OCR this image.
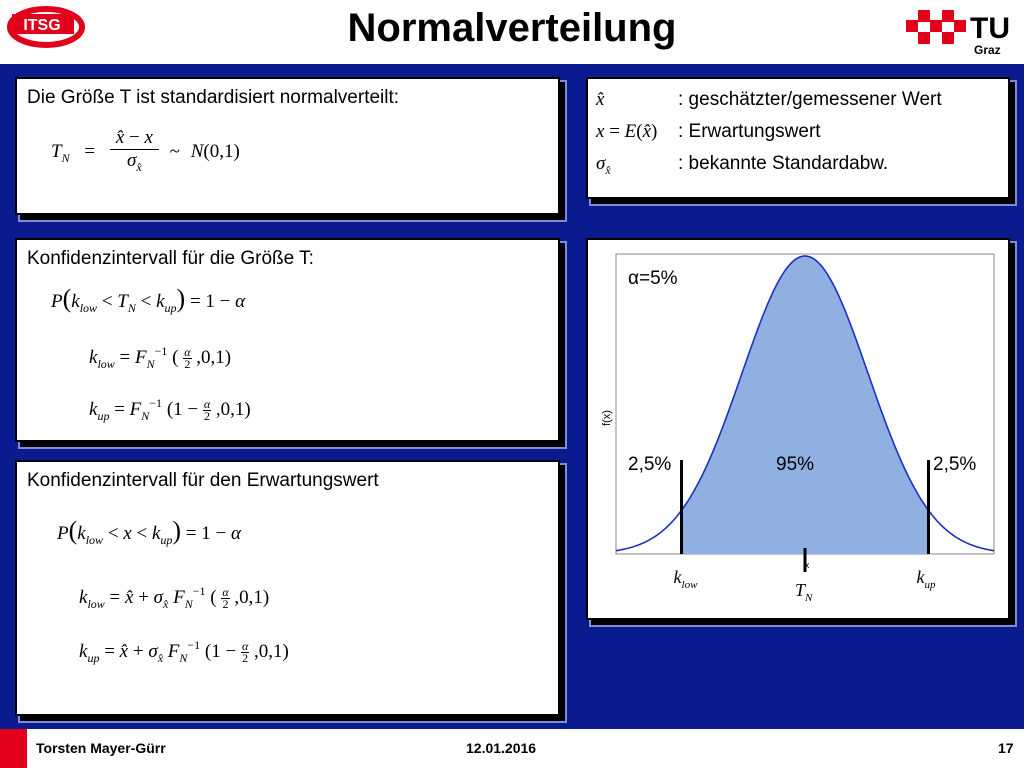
ITSG	Normalverteilung	TU
Graz
Die Größe T ist standardisiert normalverteilt:
$T_N = \frac{x̂ - x}{\sigma_{x̂}}$ ~ N(0,1)
x̂	: geschätzter/gemessener Wert
x = E(x̂) : Erwartungswert
$\sigma_{x̂}$	: bekannte Standardabw.
Konfidenzintervall für die Größe T:
$P(k_{low} < T_N < k_{up}) = 1 - \alpha$
$k_{low} = F_N^{-1}$ ( $\frac{\alpha}{2} ,0,1$)
$k_{up} = F_N^{-1}$ $(1 - \frac{\alpha}{2} ,0,1)$
Konfidenzintervall für den Erwartungswert
$P(k_{low} < x < k_{up}) = 1 - \alpha$
$k_{low}$ = x̂ + $\sigma_{x̂}$ $F_N^{-1}$ ( $\frac{\alpha}{2} ,0,1$)
$k_{up}$ = x̂ + $\sigma_{x̂}$ $F_N^{-1}$ $(1 - \frac{\alpha}{2} ,0,1)$
f(x)
x
α=5%
2,5%	95%	2,5%
$k_{low}$	$T_N$
$k_{up}$
Torsten Mayer-Gürr	12.01.2016	17
